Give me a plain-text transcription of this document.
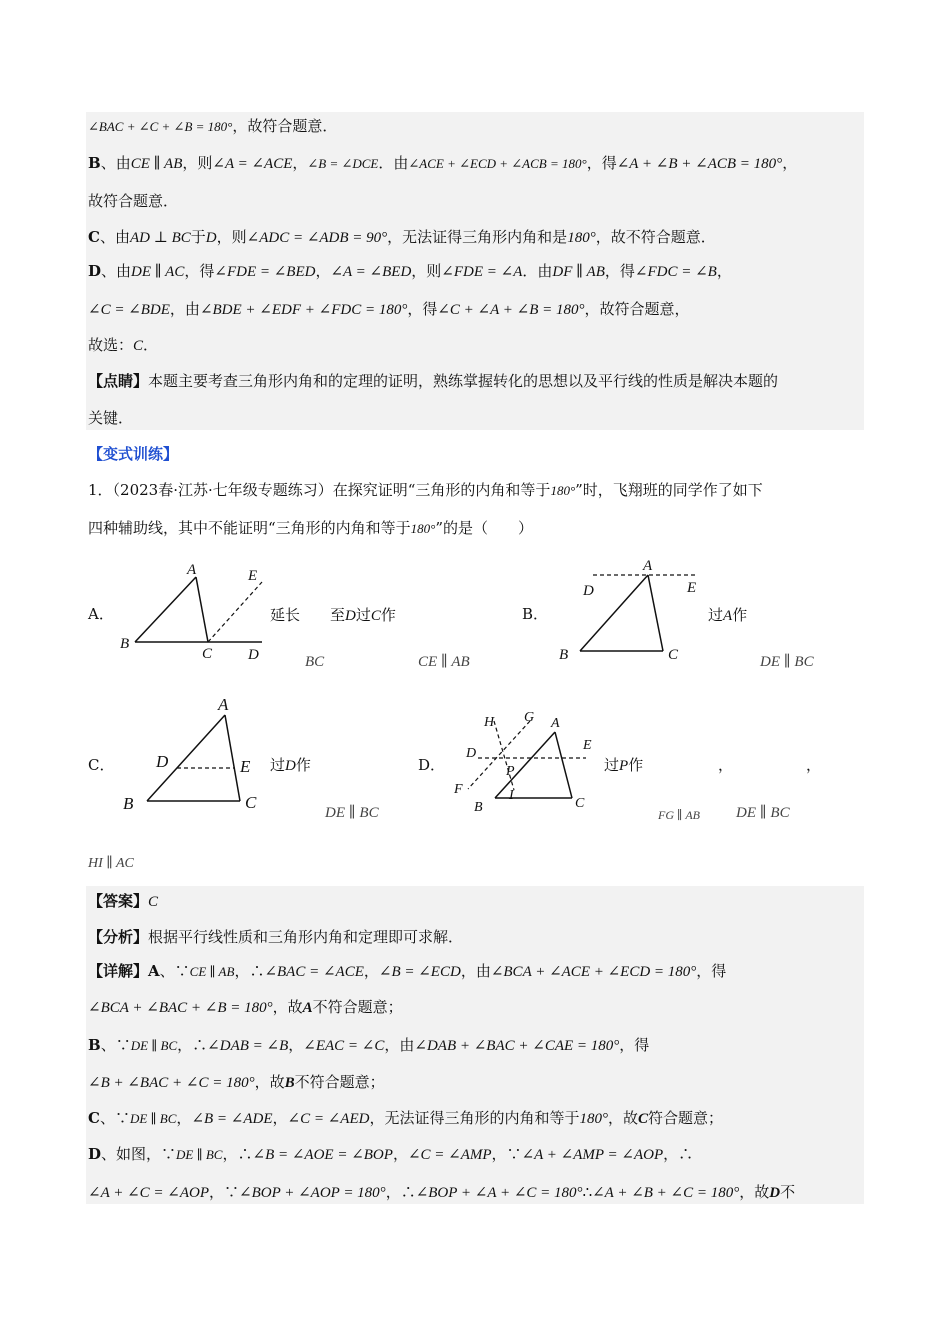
∠BAC + ∠C + ∠B = 180°，故符合题意．
B、由CE ∥ AB，则∠A = ∠ACE，∠B = ∠DCE．由∠ACE + ∠ECD + ∠ACB = 180°，得∠A + ∠B + ∠ACB = 180°，
故符合题意．
C、由AD ⊥ BC于D，则∠ADC = ∠ADB = 90°，无法证得三角形内角和是180°，故不符合题意．
D、由DE ∥ AC，得∠FDE = ∠BED，∠A = ∠BED，则∠FDE = ∠A．由DF ∥ AB，得∠FDC = ∠B，
∠C = ∠BDE，由∠BDE + ∠EDF + ∠FDC = 180°，得∠C + ∠A + ∠B = 180°，故符合题意，
故选：C．
【点睛】本题主要考查三角形内角和的定理的证明，熟练掌握转化的思想以及平行线的性质是解决本题的
关键．
【变式训练】
1．（2023春·江苏·七年级专题练习）在探究证明“三角形的内角和等于180°”时，飞翔班的同学作了如下
四种辅助线，其中不能证明“三角形的内角和等于180°”的是（　　）
A．
A
B
C D
E
延长 至D过C作
BC	CE ∥ AB
B．
A
B	C
D	E
过A作
DE ∥ BC
C．
A
B	C
D	E 过D作
DE ∥ BC
D．
A
B	C
D
E
F
G
H
I
P	过P作	，	，
FG ∥ AB DE ∥ BC
HI ∥ AC
【答案】C
【分析】根据平行线性质和三角形内角和定理即可求解．
【详解】A、∵CE ∥ AB，∴∠BAC = ∠ACE，∠B = ∠ECD，由∠BCA + ∠ACE + ∠ECD = 180°，得
∠BCA + ∠BAC + ∠B = 180°，故A不符合题意；
B、∵DE ∥ BC，∴∠DAB = ∠B，∠EAC = ∠C，由∠DAB + ∠BAC + ∠CAE = 180°，得
∠B + ∠BAC + ∠C = 180°，故B不符合题意；
C、∵DE ∥ BC，∠B = ∠ADE，∠C = ∠AED，无法证得三角形的内角和等于180°，故C符合题意；
D、如图，∵DE ∥ BC，∴∠B = ∠AOE = ∠BOP，∠C = ∠AMP，∵∠A + ∠AMP = ∠AOP，∴
∠A + ∠C = ∠AOP，∵∠BOP + ∠AOP = 180°，∴∠BOP + ∠A + ∠C = 180°∴∠A + ∠B + ∠C = 180°，故D不
